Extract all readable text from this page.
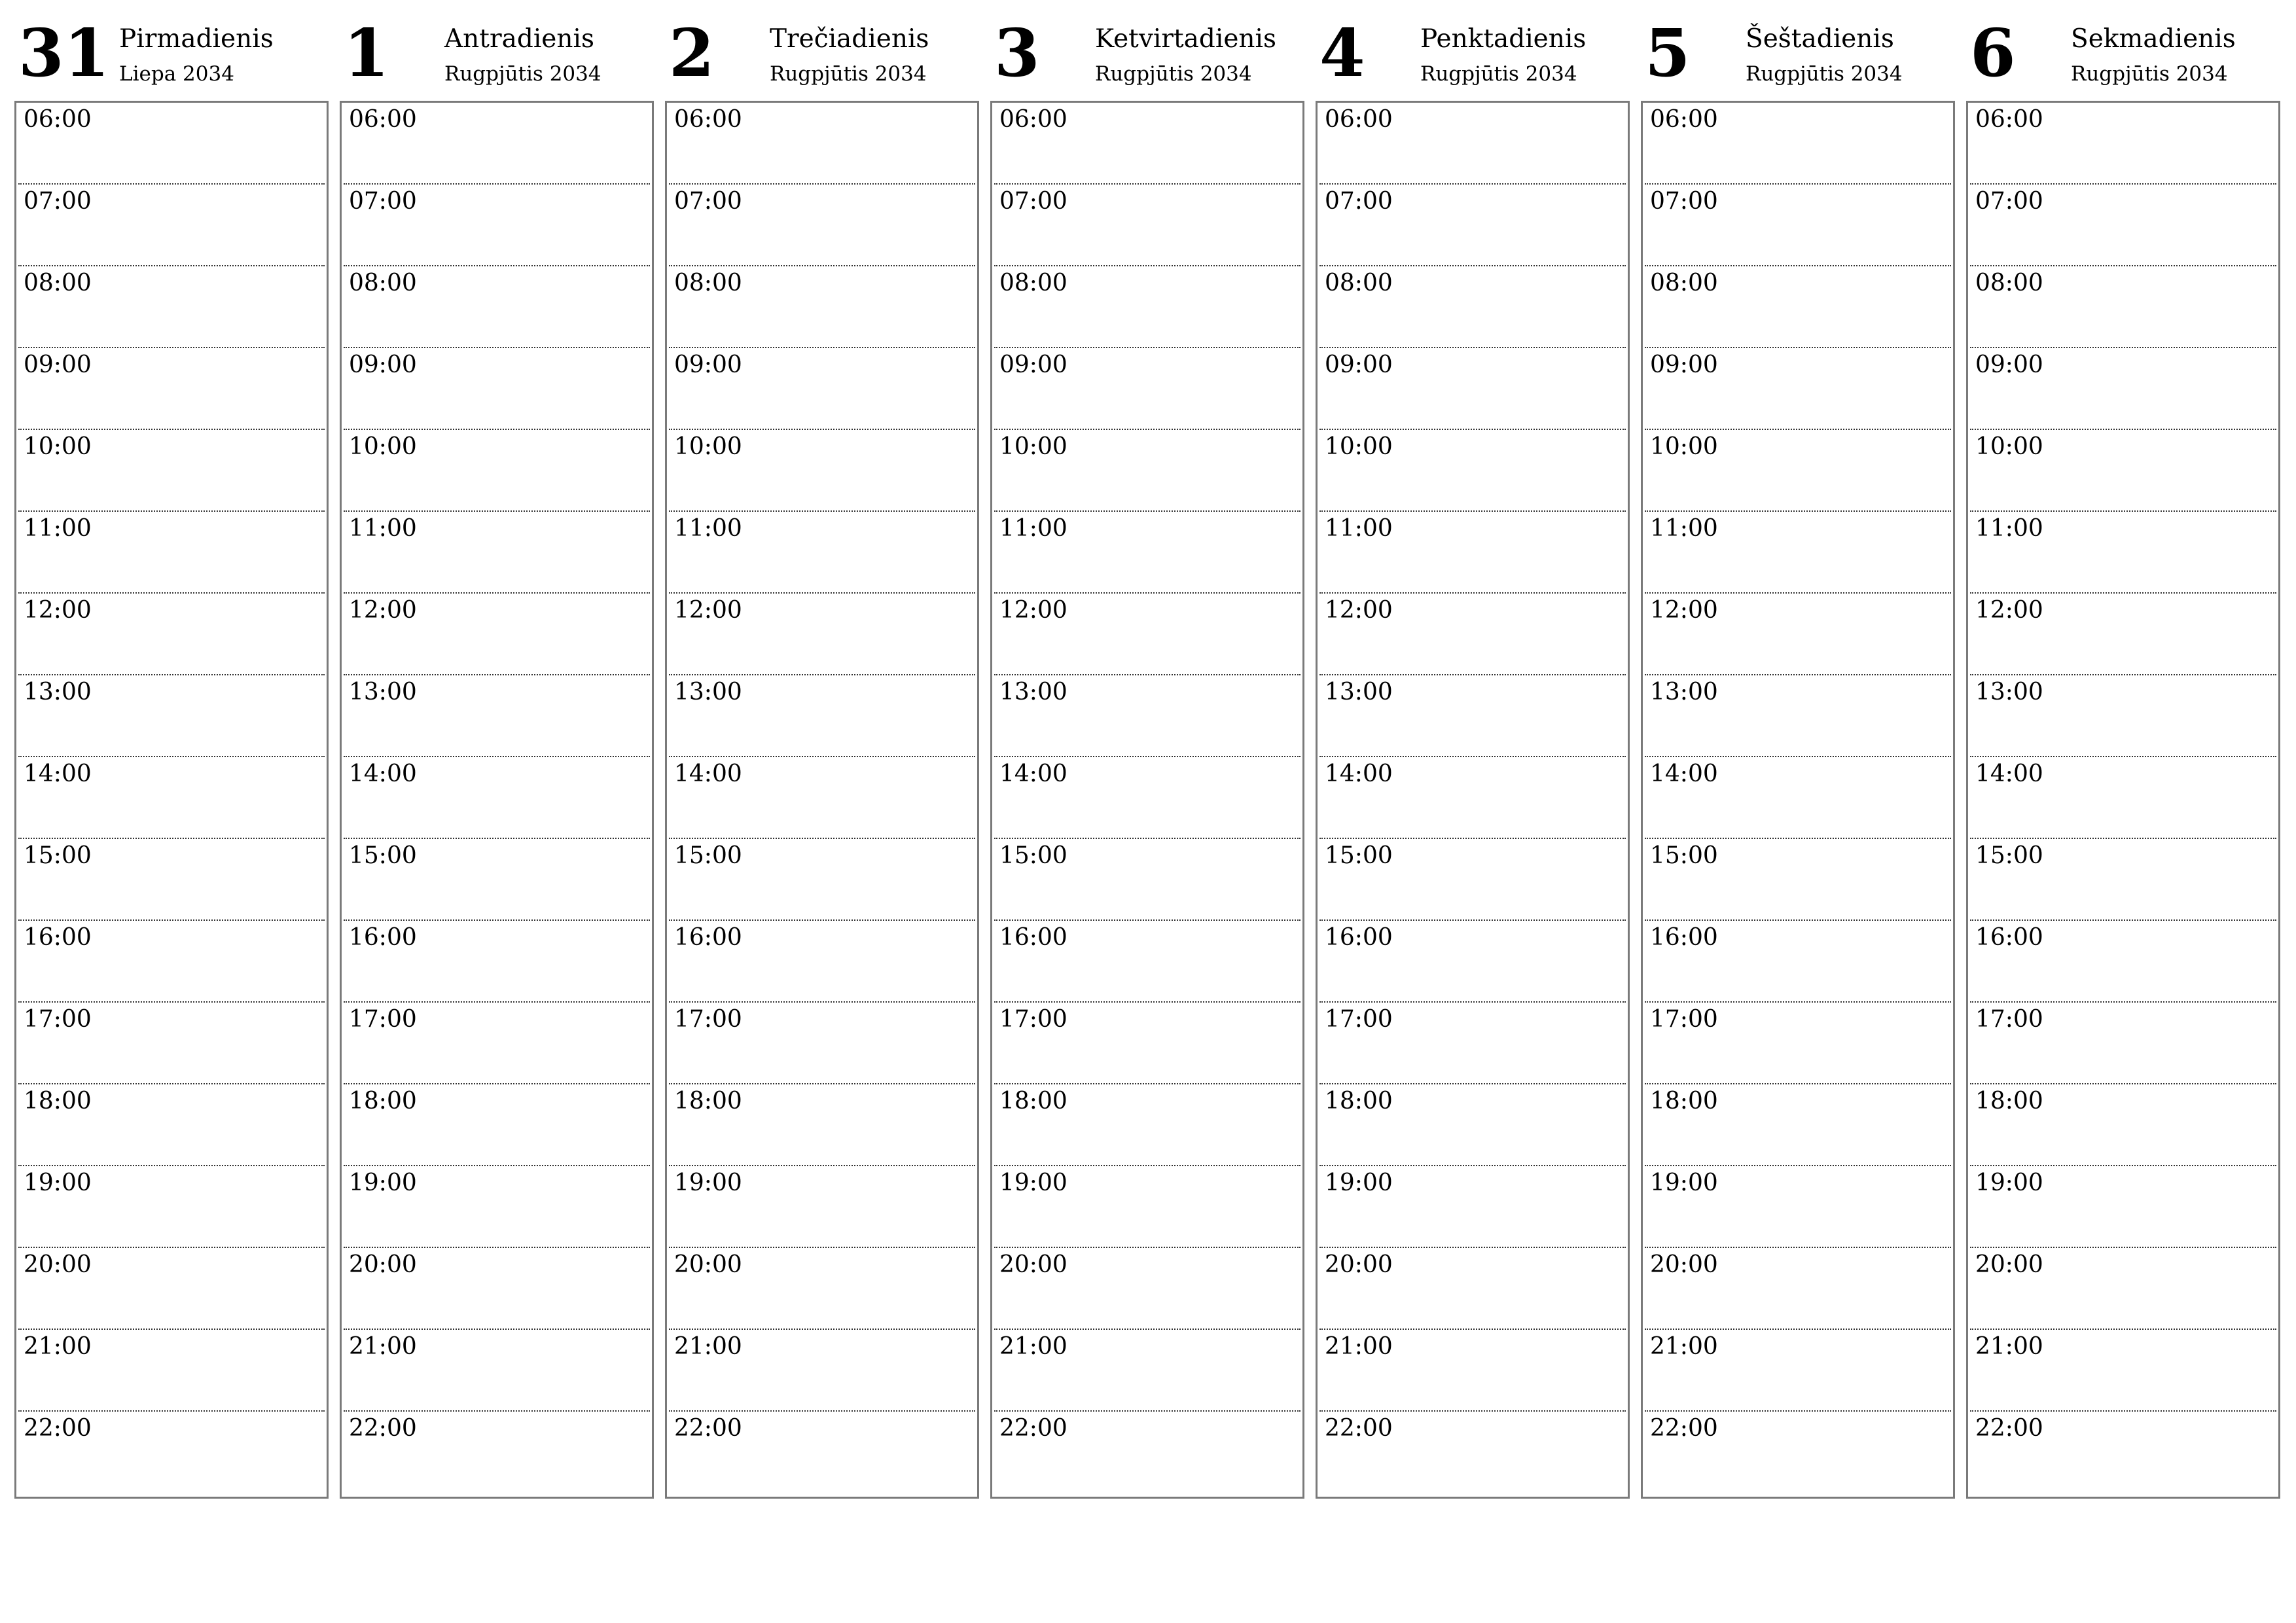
31 Pirmadienis
Liepa 2034
06:00
07:00
08:00
09:00
10:00
11:00
12:00
13:00
14:00
15:00
16:00
17:00
18:00
19:00
20:00
21:00
22:00
1 Antradienis
Rugpjūtis 2034
06:00
07:00
08:00
09:00
10:00
11:00
12:00
13:00
14:00
15:00
16:00
17:00
18:00
19:00
20:00
21:00
22:00
2 Trečiadienis
Rugpjūtis 2034
06:00
07:00
08:00
09:00
10:00
11:00
12:00
13:00
14:00
15:00
16:00
17:00
18:00
19:00
20:00
21:00
22:00
3 Ketvirtadienis
Rugpjūtis 2034
06:00
07:00
08:00
09:00
10:00
11:00
12:00
13:00
14:00
15:00
16:00
17:00
18:00
19:00
20:00
21:00
22:00
4 Penktadienis
Rugpjūtis 2034
06:00
07:00
08:00
09:00
10:00
11:00
12:00
13:00
14:00
15:00
16:00
17:00
18:00
19:00
20:00
21:00
22:00
5 Šeštadienis
Rugpjūtis 2034
06:00
07:00
08:00
09:00
10:00
11:00
12:00
13:00
14:00
15:00
16:00
17:00
18:00
19:00
20:00
21:00
22:00
6 Sekmadienis
Rugpjūtis 2034
06:00
07:00
08:00
09:00
10:00
11:00
12:00
13:00
14:00
15:00
16:00
17:00
18:00
19:00
20:00
21:00
22:00
